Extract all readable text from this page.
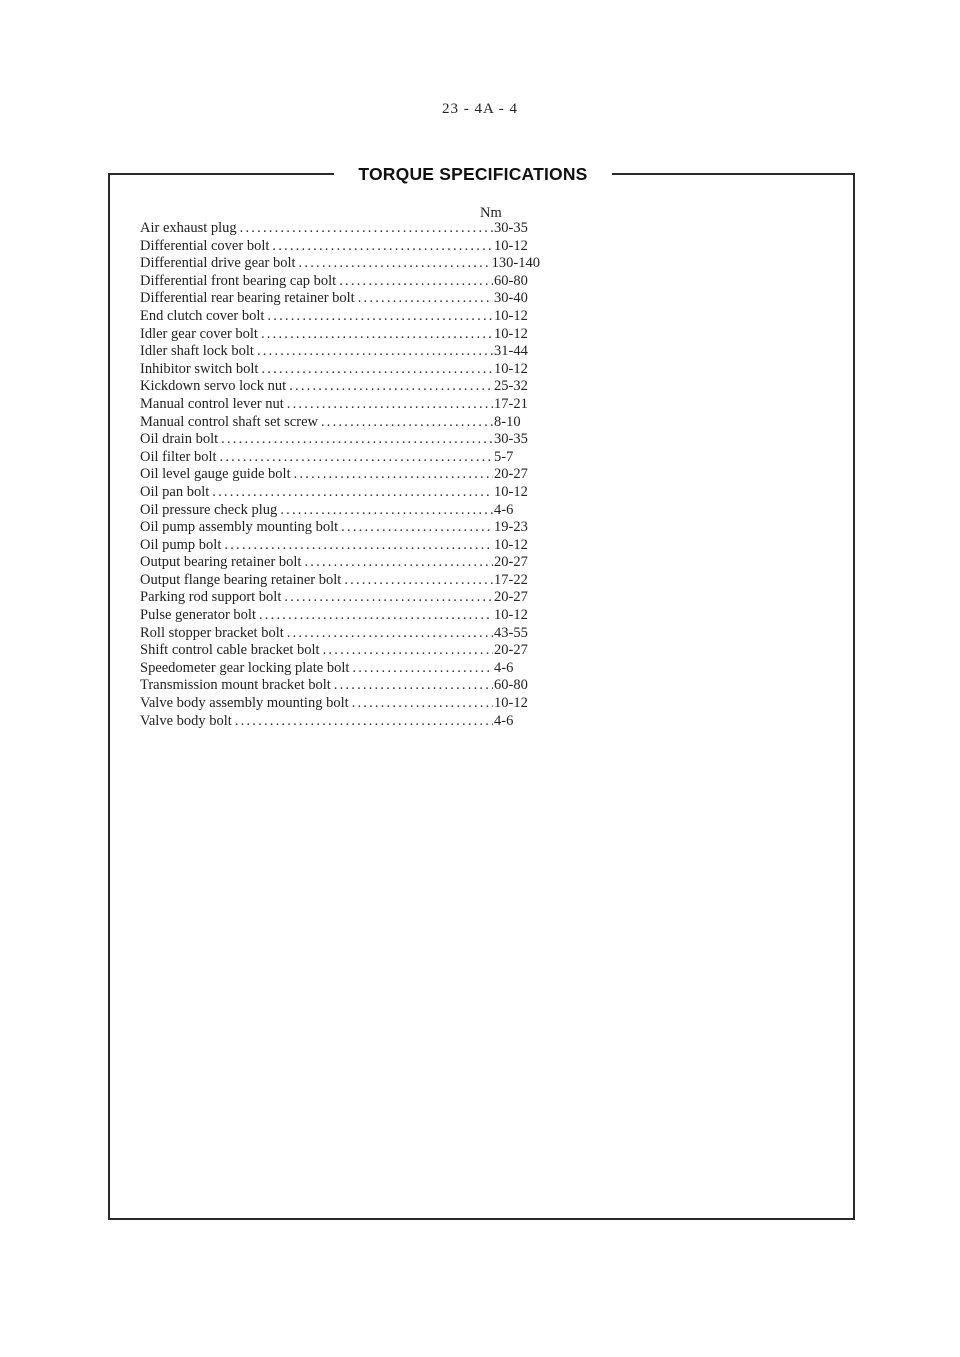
23 - 4A - 4
TORQUE SPECIFICATIONS
Nm
Air exhaust plug .....	30-35
Differential cover bolt .....	10-12
Differential drive gear bolt .....	130-140
Differential front bearing cap bolt .....	60-80
Differential rear bearing retainer bolt .....	30-40
End clutch cover bolt .....	10-12
Idler gear cover bolt .....	10-12
Idler shaft lock bolt .....	31-44
Inhibitor switch bolt .....	10-12
Kickdown servo lock nut .....	25-32
Manual control lever nut .....	17-21
Manual control shaft set screw .....	8-10
Oil drain bolt .....	30-35
Oil filter bolt .....	5-7
Oil level gauge guide bolt .....	20-27
Oil pan bolt .....	10-12
Oil pressure check plug .....	4-6
Oil pump assembly mounting bolt .....	19-23
Oil pump bolt .....	10-12
Output bearing retainer bolt .....	20-27
Output flange bearing retainer bolt .....	17-22
Parking rod support bolt .....	20-27
Pulse generator bolt .....	10-12
Roll stopper bracket bolt .....	43-55
Shift control cable bracket bolt .....	20-27
Speedometer gear locking plate bolt .....	4-6
Transmission mount bracket bolt .....	60-80
Valve body assembly mounting bolt .....	10-12
Valve body bolt .....	4-6
